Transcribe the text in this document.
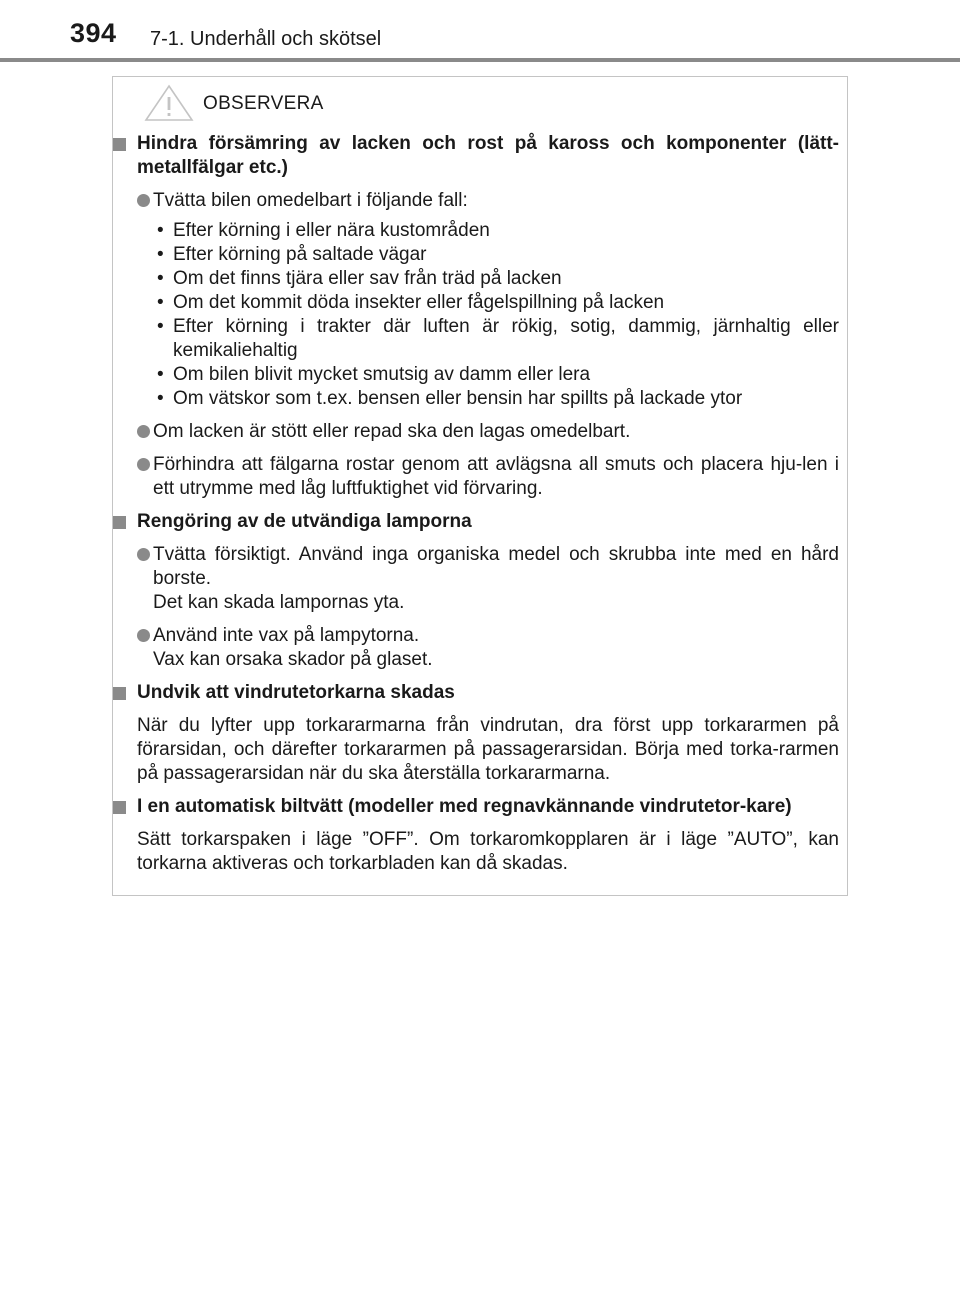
394 7-1. Underhåll och skötsel
OBSERVERA
Hindra försämring av lacken och rost på kaross och komponenter (lätt-metallfälgar etc.)
Tvätta bilen omedelbart i följande fall:
• Efter körning i eller nära kustområden
• Efter körning på saltade vägar
• Om det finns tjära eller sav från träd på lacken
• Om det kommit döda insekter eller fågelspillning på lacken
• Efter körning i trakter där luften är rökig, sotig, dammig, järnhaltig eller kemikaliehaltig
• Om bilen blivit mycket smutsig av damm eller lera
• Om vätskor som t.ex. bensen eller bensin har spillts på lackade ytor
Om lacken är stött eller repad ska den lagas omedelbart.
Förhindra att fälgarna rostar genom att avlägsna all smuts och placera hju-len i ett utrymme med låg luftfuktighet vid förvaring.
Rengöring av de utvändiga lamporna
Tvätta försiktigt. Använd inga organiska medel och skrubba inte med en hård borste.
Det kan skada lampornas yta.
Använd inte vax på lampytorna.
Vax kan orsaka skador på glaset.
Undvik att vindrutetorkarna skadas
När du lyfter upp torkararmarna från vindrutan, dra först upp torkararmen på förarsidan, och därefter torkararmen på passagerarsidan. Börja med torka-rarmen på passagerarsidan när du ska återställa torkararmarna.
I en automatisk biltvätt (modeller med regnavkännande vindrutetor-kare)
Sätt torkarspaken i läge ”OFF”. Om torkaromkopplaren är i läge ”AUTO”, kan torkarna aktiveras och torkarbladen kan då skadas.
